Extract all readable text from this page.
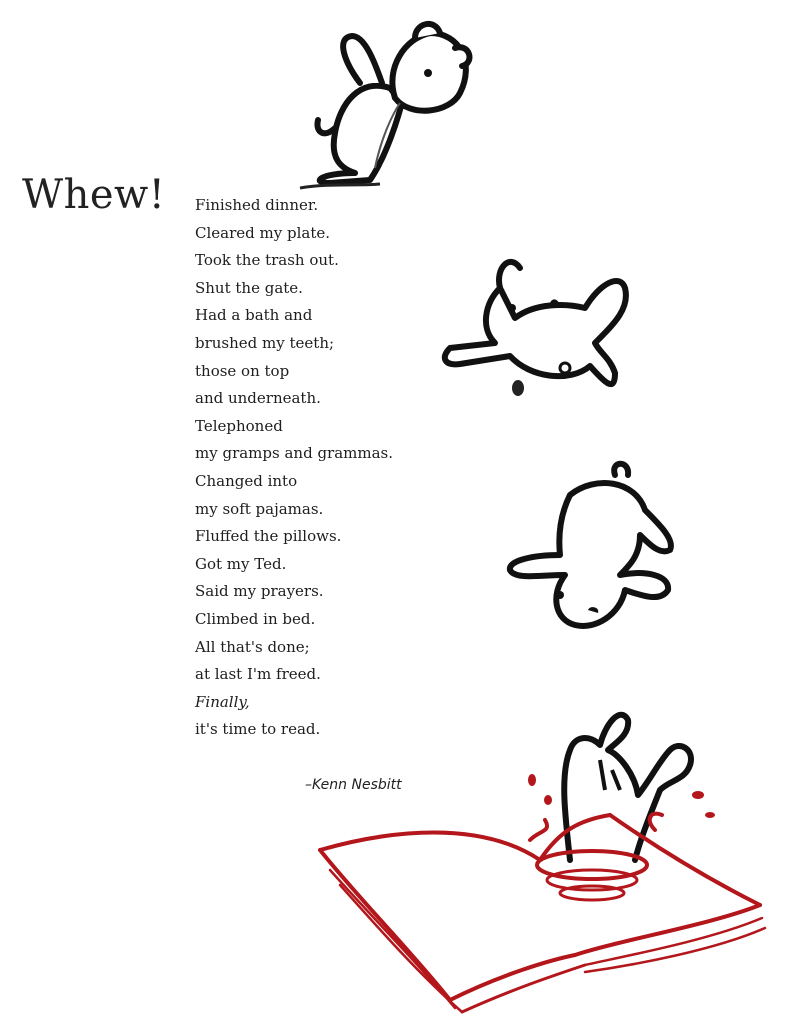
Whew! Finished dinner.
Cleared my plate.
Took the trash out.
Shut the gate.
Had a bath and
brushed my teeth;
those on top
and underneath.
Telephoned
my gramps and grammas.
Changed into
my soft pajamas.
Fluffed the pillows.
Got my Ted.
Said my prayers.
Climbed in bed.
All that's done;
at last I'm freed.
Finally,
it's time to read.
–Kenn Nesbitt
